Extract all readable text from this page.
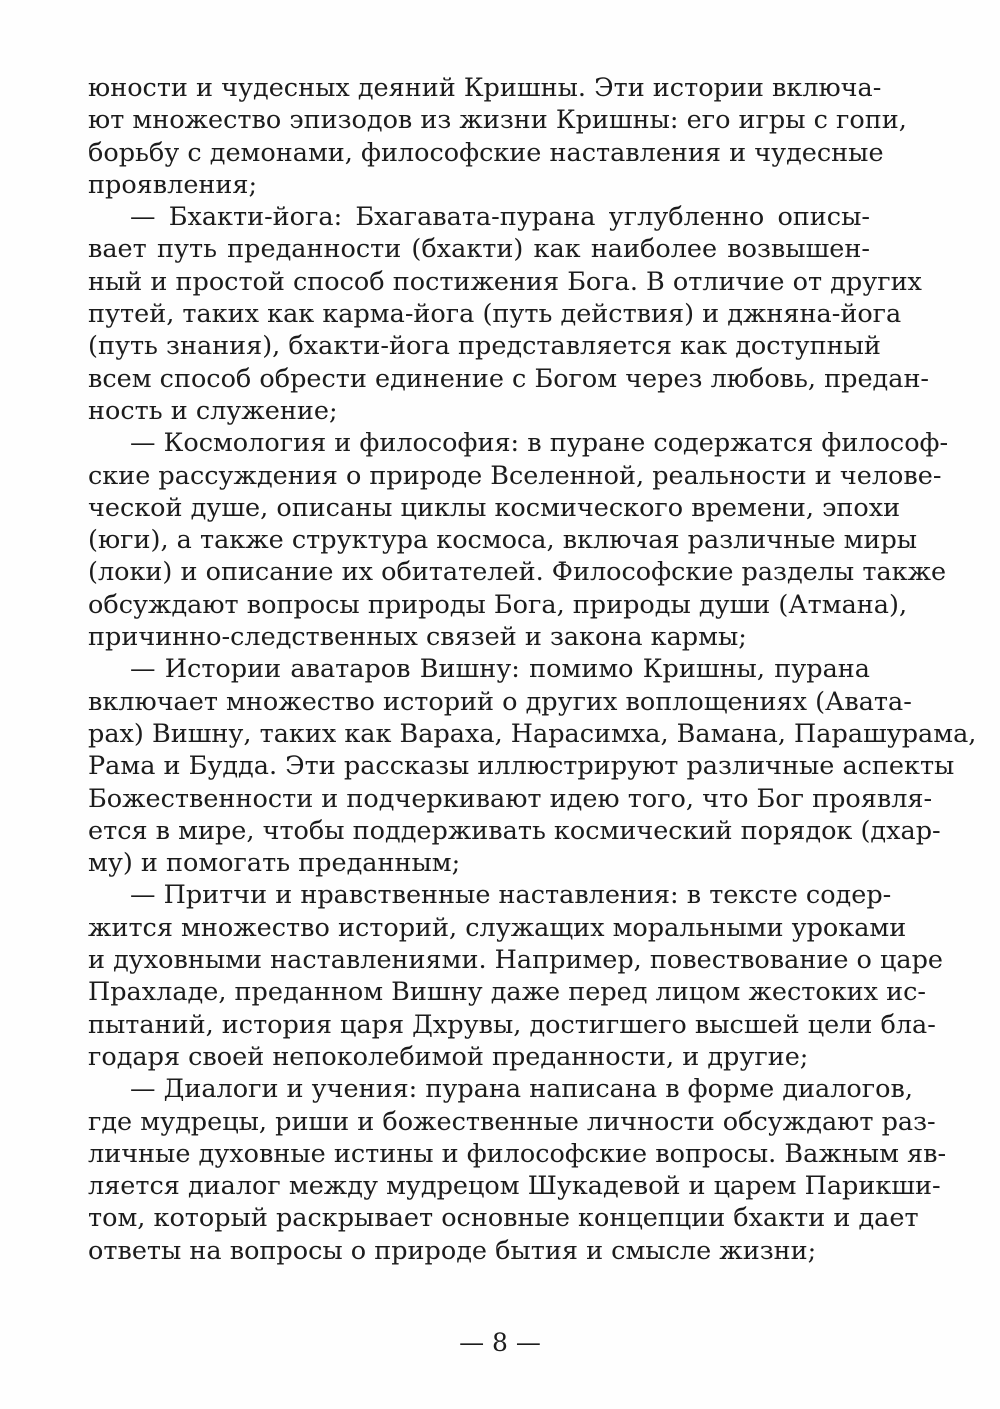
юности и чудесных деяний Кришны. Эти истории включа-
ют множество эпизодов из жизни Кришны: его игры с гопи,
борьбу с демонами, философские наставления и чудесные
проявления;
— Бхакти-йога: Бхагавата-пурана углубленно описы-
вает путь преданности (бхакти) как наиболее возвышен-
ный и простой способ постижения Бога. В отличие от других
путей, таких как карма-йога (путь действия) и джняна-йога
(путь знания), бхакти-йога представляется как доступный
всем способ обрести единение с Богом через любовь, предан-
ность и служение;
— Космология и философия: в пуране содержатся философ-
ские рассуждения о природе Вселенной, реальности и челове-
ческой душе, описаны циклы космического времени, эпохи
(юги), а также структура космоса, включая различные миры
(локи) и описание их обитателей. Философские разделы также
обсуждают вопросы природы Бога, природы души (Атмана),
причинно-следственных связей и закона кармы;
— Истории аватаров Вишну: помимо Кришны, пурана
включает множество историй о других воплощениях (Авата-
рах) Вишну, таких как Вараха, Нарасимха, Вамана, Парашурама,
Рама и Будда. Эти рассказы иллюстрируют различные аспекты
Божественности и подчеркивают идею того, что Бог проявля-
ется в мире, чтобы поддерживать космический порядок (дхар-
му) и помогать преданным;
— Притчи и нравственные наставления: в тексте содер-
жится множество историй, служащих моральными уроками
и духовными наставлениями. Например, повествование о царе
Прахладе, преданном Вишну даже перед лицом жестоких ис-
пытаний, история царя Дхрувы, достигшего высшей цели бла-
годаря своей непоколебимой преданности, и другие;
— Диалоги и учения: пурана написана в форме диалогов,
где мудрецы, риши и божественные личности обсуждают раз-
личные духовные истины и философские вопросы. Важным яв-
ляется диалог между мудрецом Шукадевой и царем Парикши-
том, который раскрывает основные концепции бхакти и дает
ответы на вопросы о природе бытия и смысле жизни;
— 8 —
